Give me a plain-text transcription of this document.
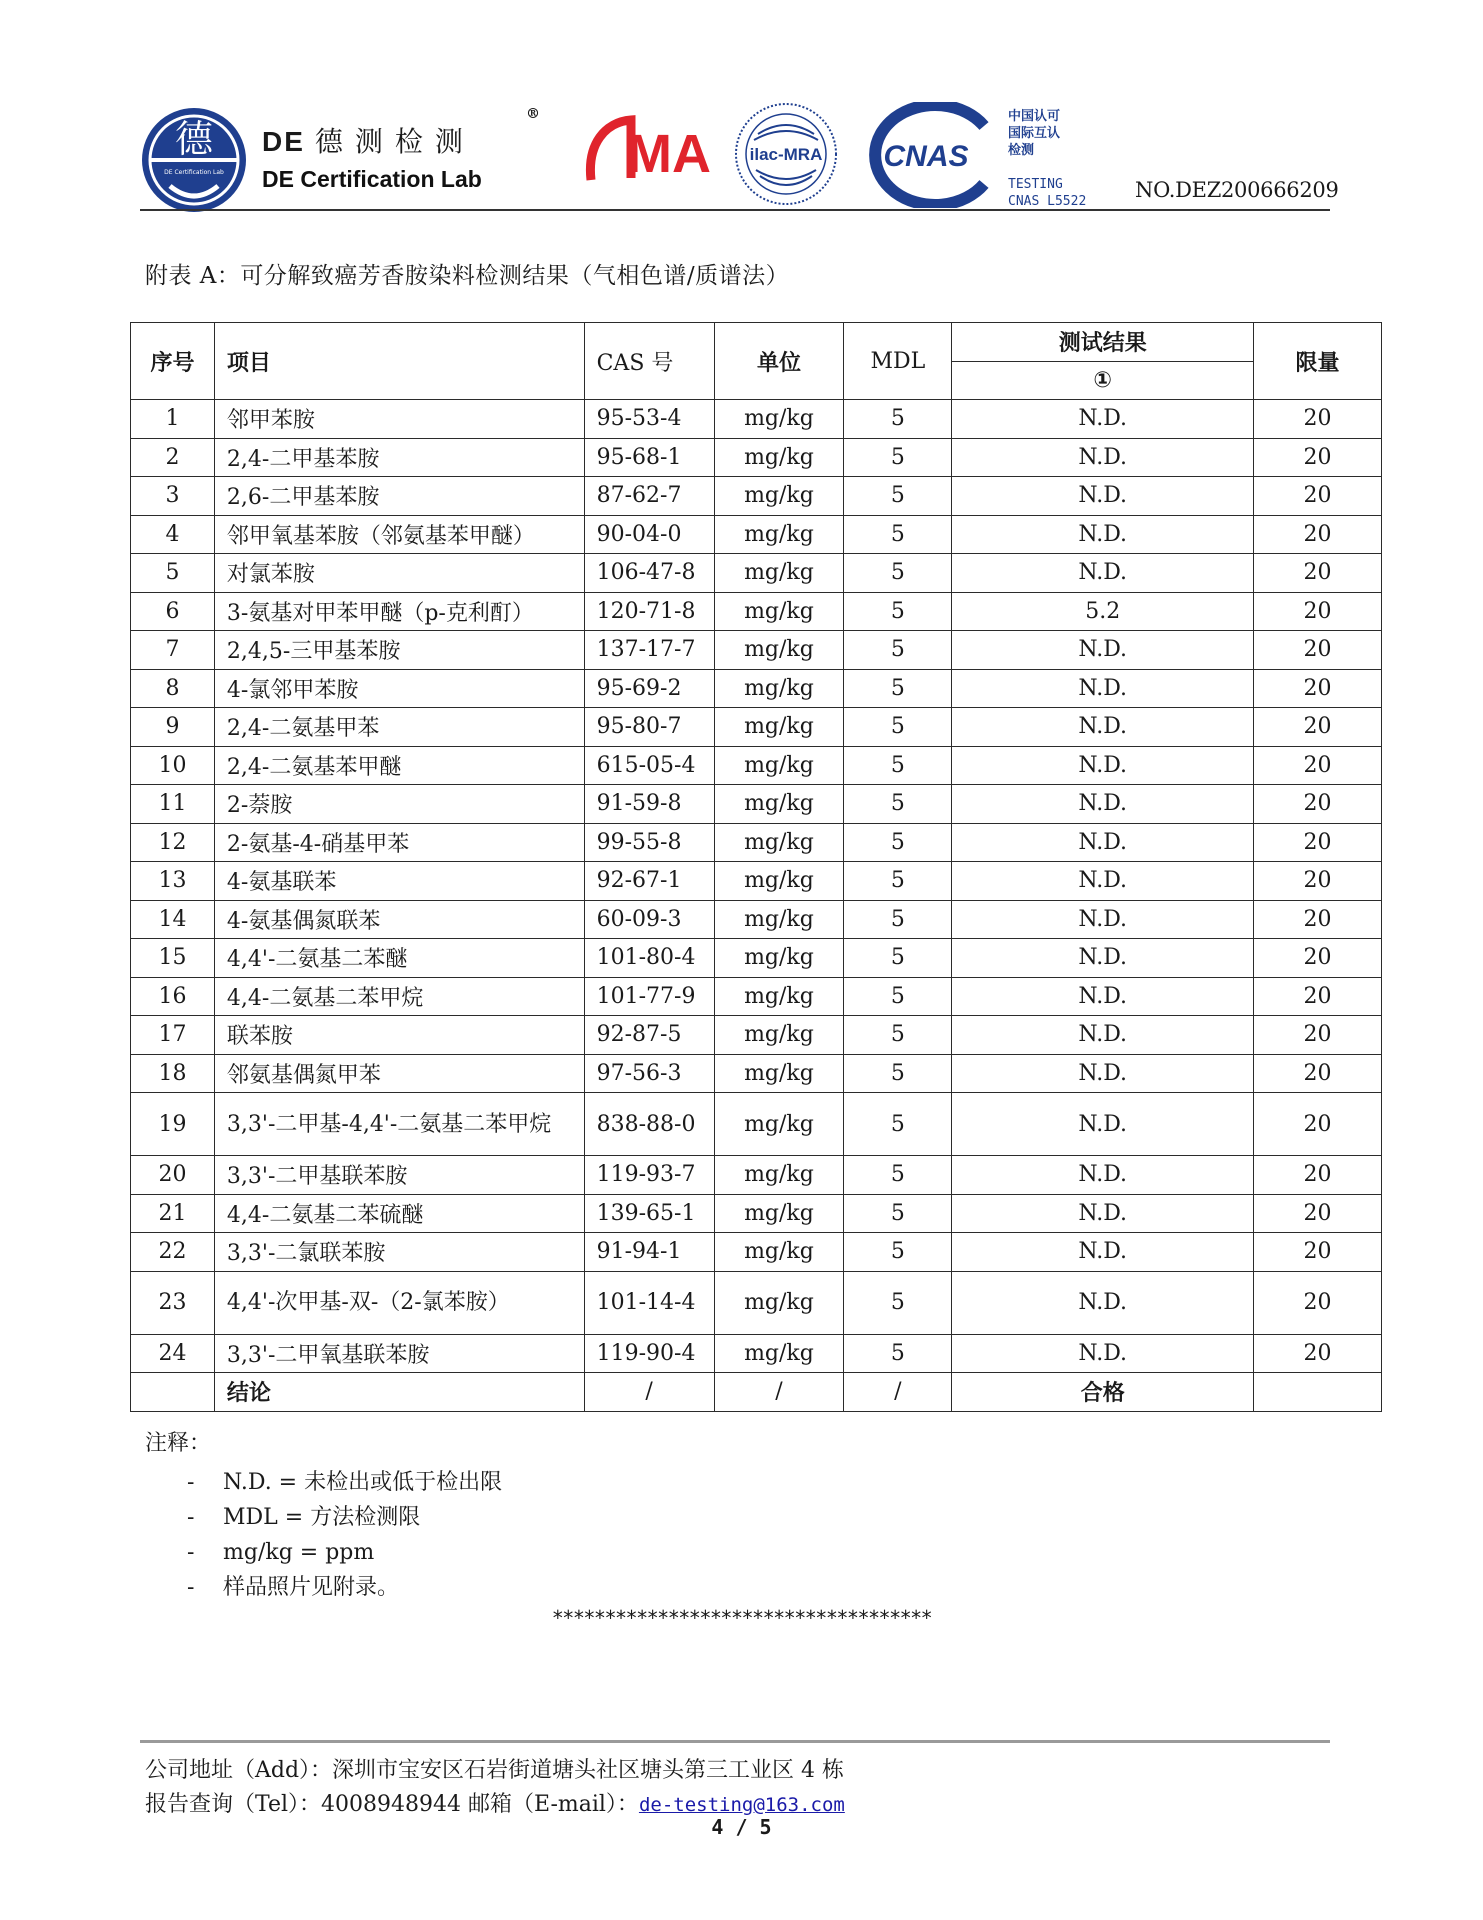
德
DE Certification Lab
DE 德测检测
DE Certification Lab
®
MA ilac-MRA CNAS
中国认可
国际互认
检测
TESTING
CNAS L5522 NO.DEZ200666209
附表 A：可分解致癌芳香胺染料检测结果（气相色谱/质谱法）
序号	项目	CAS 号	单位	MDL	测试结果	限量
					①	
1	邻甲苯胺	95-53-4	mg/kg	5	N.D.	20
2	2,4-二甲基苯胺	95-68-1	mg/kg	5	N.D.	20
3	2,6-二甲基苯胺	87-62-7	mg/kg	5	N.D.	20
4	邻甲氧基苯胺（邻氨基苯甲醚）	90-04-0	mg/kg	5	N.D.	20
5	对氯苯胺	106-47-8	mg/kg	5	N.D.	20
6	3-氨基对甲苯甲醚（p-克利酊）	120-71-8	mg/kg	5	5.2	20
7	2,4,5-三甲基苯胺	137-17-7	mg/kg	5	N.D.	20
8	4-氯邻甲苯胺	95-69-2	mg/kg	5	N.D.	20
9	2,4-二氨基甲苯	95-80-7	mg/kg	5	N.D.	20
10	2,4-二氨基苯甲醚	615-05-4	mg/kg	5	N.D.	20
11	2-萘胺	91-59-8	mg/kg	5	N.D.	20
12	2-氨基-4-硝基甲苯	99-55-8	mg/kg	5	N.D.	20
13	4-氨基联苯	92-67-1	mg/kg	5	N.D.	20
14	4-氨基偶氮联苯	60-09-3	mg/kg	5	N.D.	20
15	4,4'-二氨基二苯醚	101-80-4	mg/kg	5	N.D.	20
16	4,4-二氨基二苯甲烷	101-77-9	mg/kg	5	N.D.	20
17	联苯胺	92-87-5	mg/kg	5	N.D.	20
18	邻氨基偶氮甲苯	97-56-3	mg/kg	5	N.D.	20
19	3,3'-二甲基-4,4'-二氨基二苯甲烷	838-88-0	mg/kg	5	N.D.	20
20	3,3'-二甲基联苯胺	119-93-7	mg/kg	5	N.D.	20
21	4,4-二氨基二苯硫醚	139-65-1	mg/kg	5	N.D.	20
22	3,3'-二氯联苯胺	91-94-1	mg/kg	5	N.D.	20
23	4,4'-次甲基-双-（2-氯苯胺）	101-14-4	mg/kg	5	N.D.	20
24	3,3'-二甲氧基联苯胺	119-90-4	mg/kg	5	N.D.	20
	结论	/	/	/	合格	
注释：
- N.D. = 未检出或低于检出限
- MDL = 方法检测限
- mg/kg = ppm
- 样品照片见附录。
************************************
公司地址（Add）：深圳市宝安区石岩街道塘头社区塘头第三工业区 4 栋
报告查询（Tel）：4008948944 邮箱（E-mail）：de-testing@163.com
4 / 5
